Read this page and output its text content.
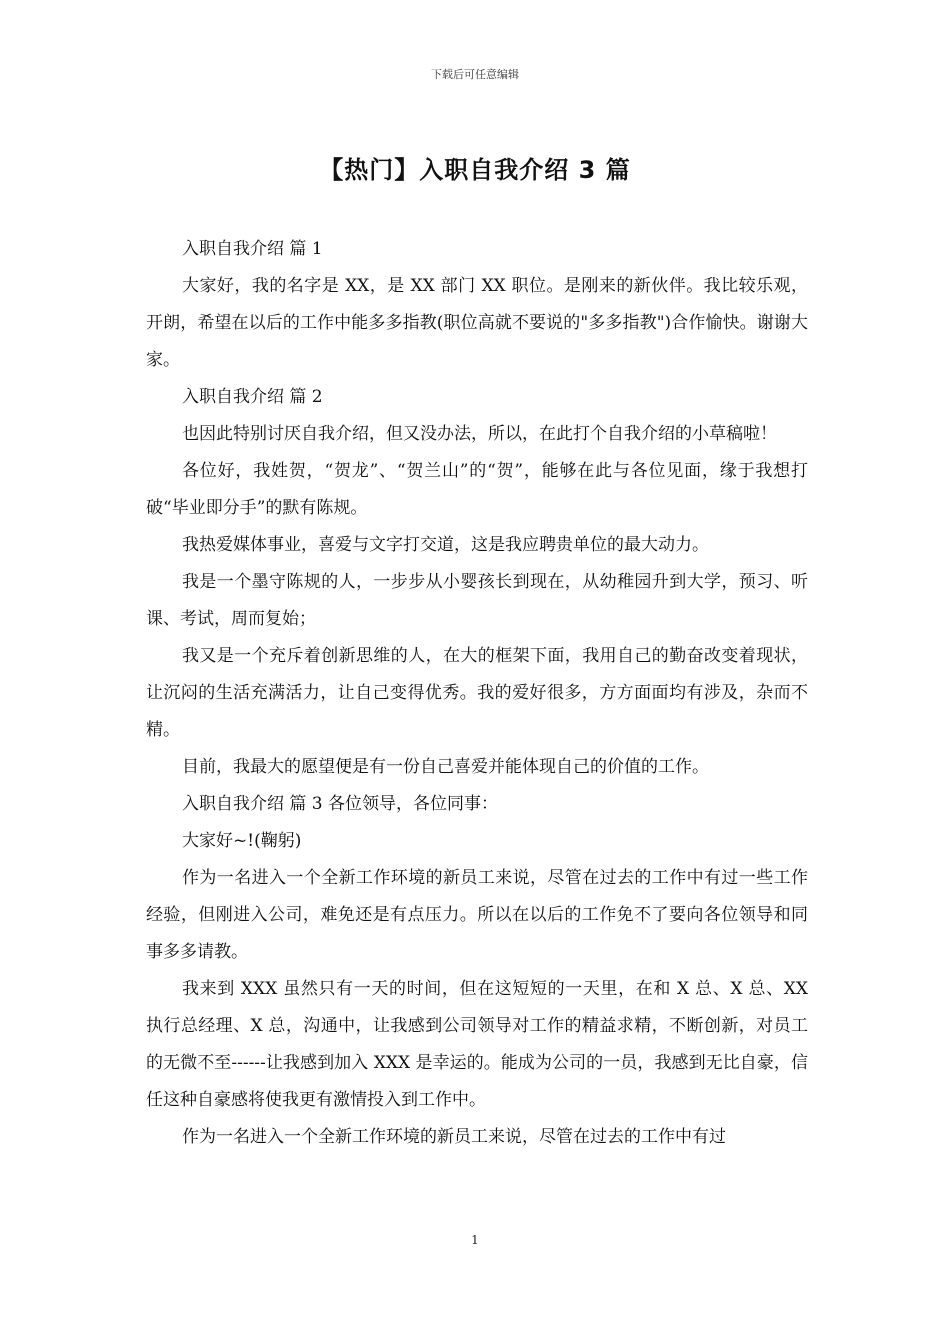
下载后可任意编辑
【热门】入职自我介绍 3 篇

入职自我介绍 篇 1

大家好，我的名字是 XX，是 XX 部门 XX 职位。是刚来的新伙伴。我比较乐观，开朗，希望在以后的工作中能多多指教(职位高就不要说的"多多指教")合作愉快。谢谢大家。

入职自我介绍 篇 2

也因此特别讨厌自我介绍，但又没办法，所以，在此打个自我介绍的小草稿啦！

各位好，我姓贺，“贺龙”、“贺兰山”的“贺”，能够在此与各位见面，缘于我想打破“毕业即分手”的默有陈规。

我热爱媒体事业，喜爱与文字打交道，这是我应聘贵单位的最大动力。

我是一个墨守陈规的人，一步步从小婴孩长到现在，从幼稚园升到大学，预习、听课、考试，周而复始；

我又是一个充斥着创新思维的人，在大的框架下面，我用自己的勤奋改变着现状，让沉闷的生活充满活力，让自己变得优秀。我的爱好很多，方方面面均有涉及，杂而不精。

目前，我最大的愿望便是有一份自己喜爱并能体现自己的价值的工作。

入职自我介绍 篇 3 各位领导，各位同事：

大家好~!(鞠躬)

作为一名进入一个全新工作环境的新员工来说，尽管在过去的工作中有过一些工作经验，但刚进入公司，难免还是有点压力。所以在以后的工作免不了要向各位领导和同事多多请教。

我来到 XXX 虽然只有一天的时间，但在这短短的一天里，在和 X 总、X 总、XX 执行总经理、X 总，沟通中，让我感到公司领导对工作的精益求精，不断创新，对员工的无微不至------让我感到加入 XXX 是幸运的。能成为公司的一员，我感到无比自豪，信任这种自豪感将使我更有激情投入到工作中。

作为一名进入一个全新工作环境的新员工来说，尽管在过去的工作中有过

1
